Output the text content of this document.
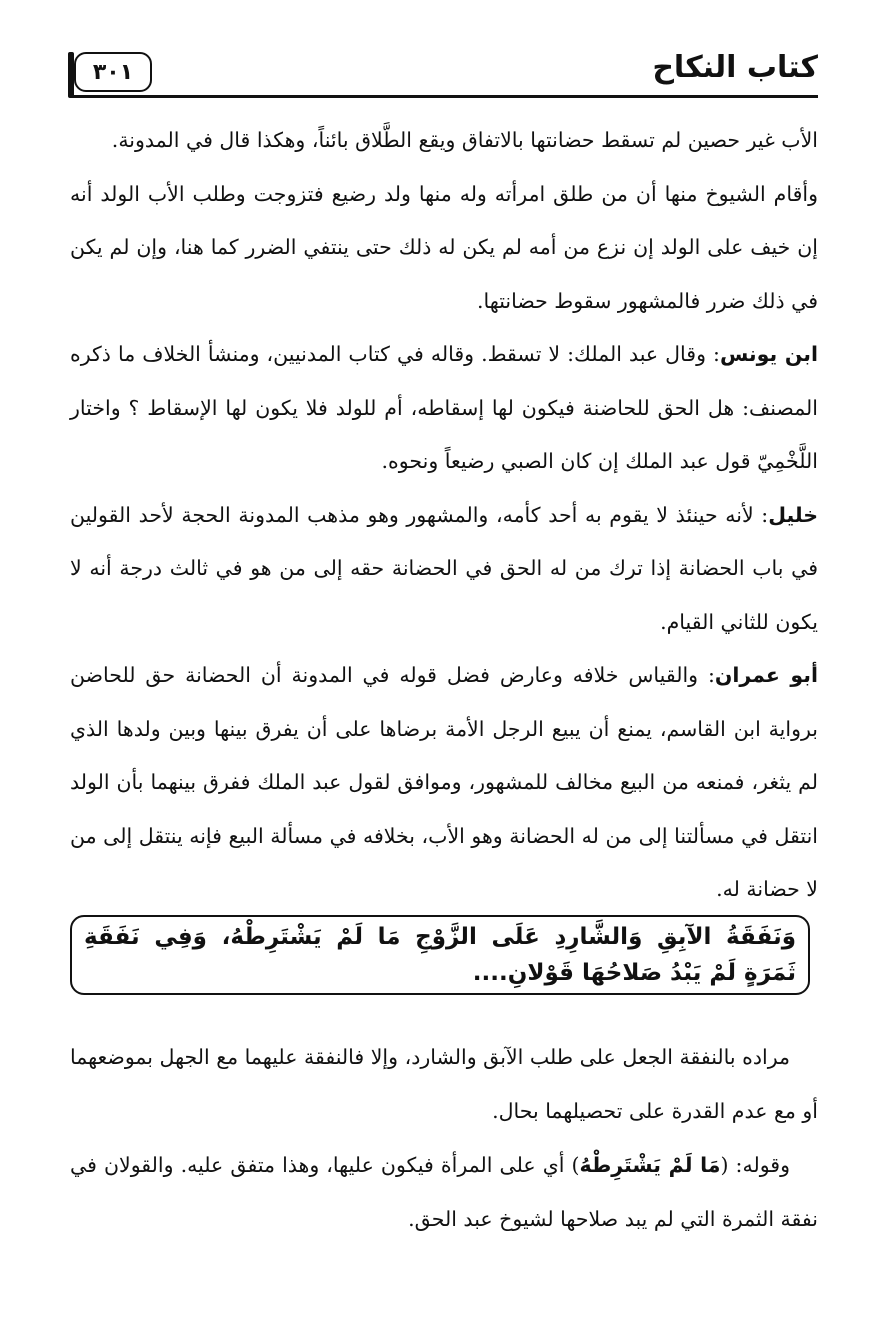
كتاب النكاح
٣٠١

الأب غير حصين لم تسقط حضانتها بالاتفاق ويقع الطَّلاق بائناً، وهكذا قال في المدونة.

وأقام الشيوخ منها أن من طلق امرأته وله منها ولد رضيع فتزوجت وطلب الأب الولد أنه إن خيف على الولد إن نزع من أمه لم يكن له ذلك حتى ينتفي الضرر كما هنا، وإن لم يكن في ذلك ضرر فالمشهور سقوط حضانتها.

ابن يونس: وقال عبد الملك: لا تسقط. وقاله في كتاب المدنيين، ومنشأ الخلاف ما ذكره المصنف: هل الحق للحاضنة فيكون لها إسقاطه، أم للولد فلا يكون لها الإسقاط ؟ واختار اللَّخْمِيّ قول عبد الملك إن كان الصبي رضيعاً ونحوه.

خليل: لأنه حينئذ لا يقوم به أحد كأمه، والمشهور وهو مذهب المدونة الحجة لأحد القولين في باب الحضانة إذا ترك من له الحق في الحضانة حقه إلى من هو في ثالث درجة أنه لا يكون للثاني القيام.

أبو عمران: والقياس خلافه وعارض فضل قوله في المدونة أن الحضانة حق للحاضن برواية ابن القاسم، يمنع أن يبيع الرجل الأمة برضاها على أن يفرق بينها وبين ولدها الذي لم يثغر، فمنعه من البيع مخالف للمشهور، وموافق لقول عبد الملك ففرق بينهما بأن الولد انتقل في مسألتنا إلى من له الحضانة وهو الأب، بخلافه في مسألة البيع فإنه ينتقل إلى من لا حضانة له.

وَنَفَقَةُ الآبِقِ وَالشَّارِدِ عَلَى الزَّوْجِ مَا لَمْ يَشْتَرِطْهُ، وَفِي نَفَقَةِ ثَمَرَةٍ لَمْ يَبْدُ صَلاحُهَا قَوْلانِ....

مراده بالنفقة الجعل على طلب الآبق والشارد، وإلا فالنفقة عليهما مع الجهل بموضعهما أو مع عدم القدرة على تحصيلهما بحال.

وقوله: (مَا لَمْ يَشْتَرِطْهُ) أي على المرأة فيكون عليها، وهذا متفق عليه. والقولان في نفقة الثمرة التي لم يبد صلاحها لشيوخ عبد الحق.
